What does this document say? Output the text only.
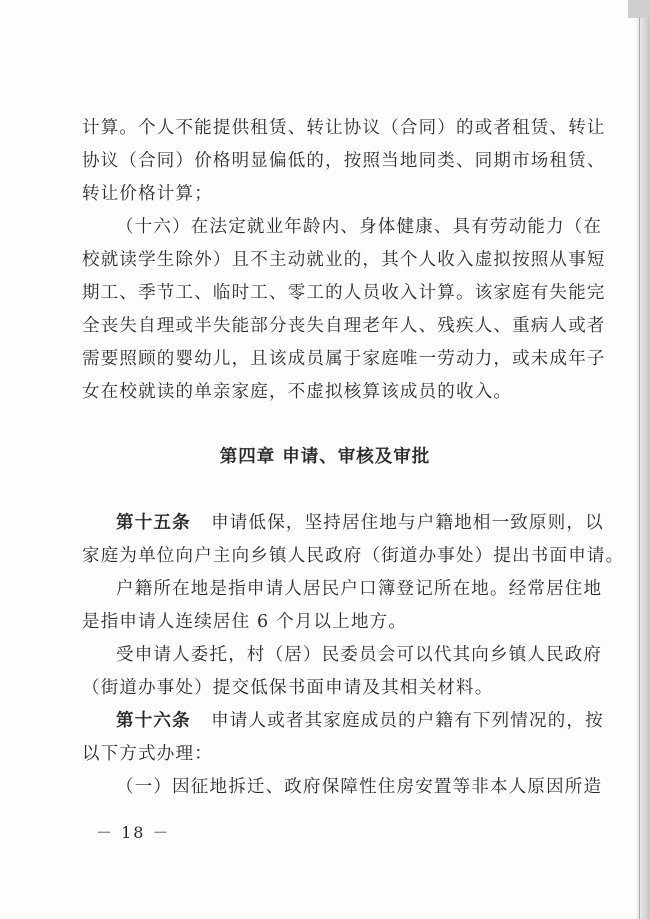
计算。个人不能提供租赁、转让协议（合同）的或者租赁、转让
协议（合同）价格明显偏低的，按照当地同类、同期市场租赁、
转让价格计算；
（十六）在法定就业年龄内、身体健康、具有劳动能力（在
校就读学生除外）且不主动就业的，其个人收入虚拟按照从事短
期工、季节工、临时工、零工的人员收入计算。该家庭有失能完
全丧失自理或半失能部分丧失自理老年人、残疾人、重病人或者
需要照顾的婴幼儿，且该成员属于家庭唯一劳动力，或未成年子
女在校就读的单亲家庭，不虚拟核算该成员的收入。
第十五条 申请低保，坚持居住地与户籍地相一致原则，以
家庭为单位向户主向乡镇人民政府（街道办事处）提出书面申请。
户籍所在地是指申请人居民户口簿登记所在地。经常居住地
是指申请人连续居住 6 个月以上地方。
受申请人委托，村（居）民委员会可以代其向乡镇人民政府
（街道办事处）提交低保书面申请及其相关材料。
第十六条 申请人或者其家庭成员的户籍有下列情况的，按
以下方式办理：
（一）因征地拆迁、政府保障性住房安置等非本人原因所造
第四章 申请、审核及审批
－ 18 －
